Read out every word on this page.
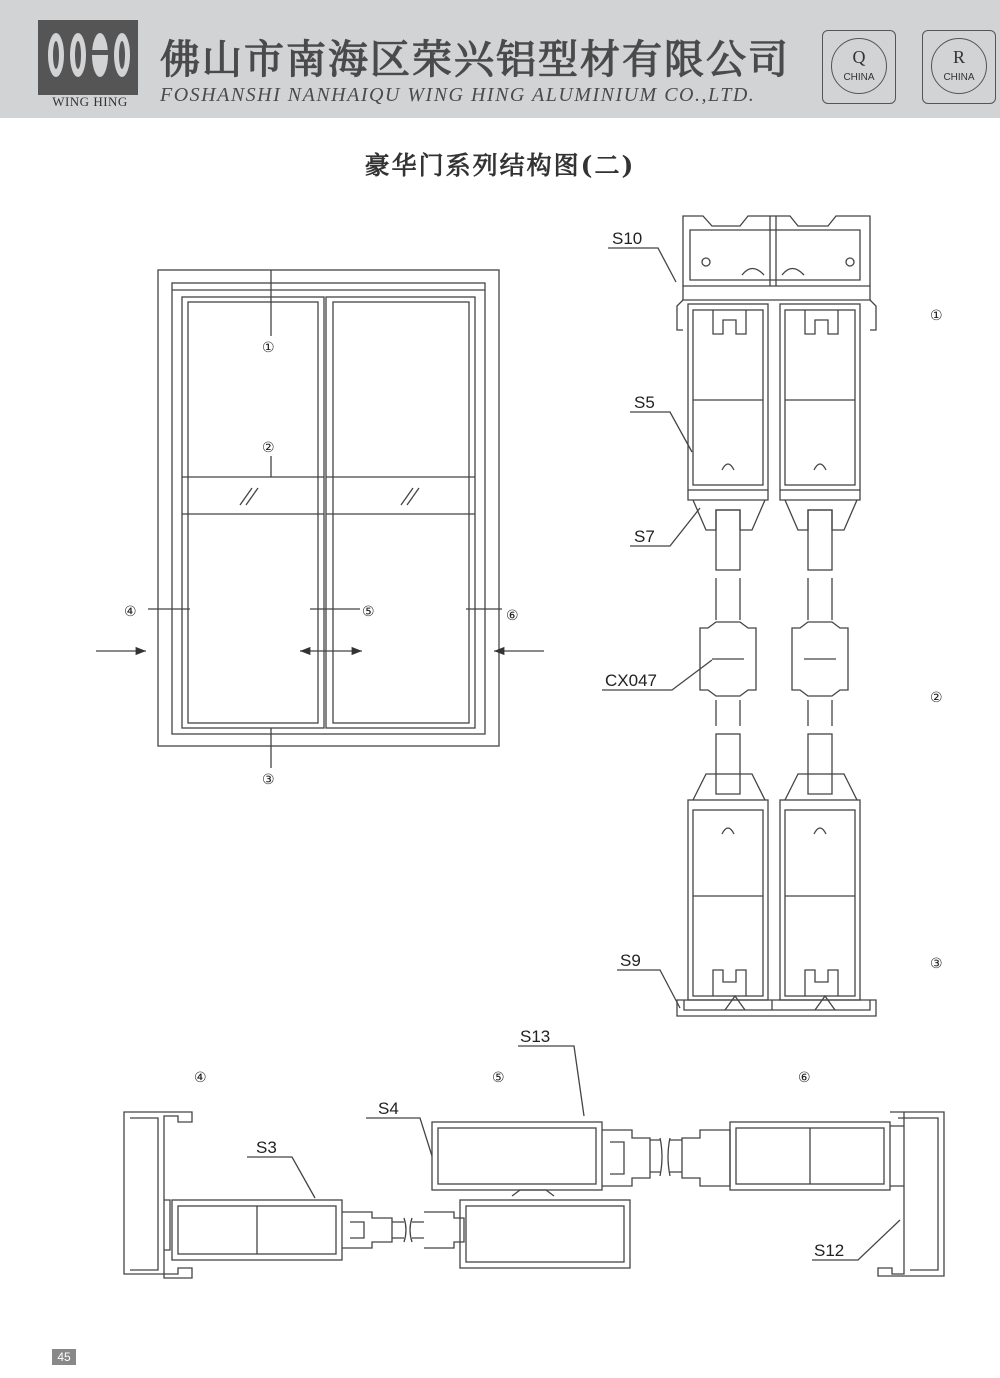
WING HING
佛山市南海区荣兴铝型材有限公司
FOSHANSHI NANHAIQU WING HING ALUMINIUM CO.,LTD.
Q
CHINA
R
CHINA
豪华门系列结构图(二)
①
②
③
④	⑤	⑥
S10
S5
S7
CX047
S9
①
②
③
④	⑤	⑥
S3
S4
S13
S12
45
